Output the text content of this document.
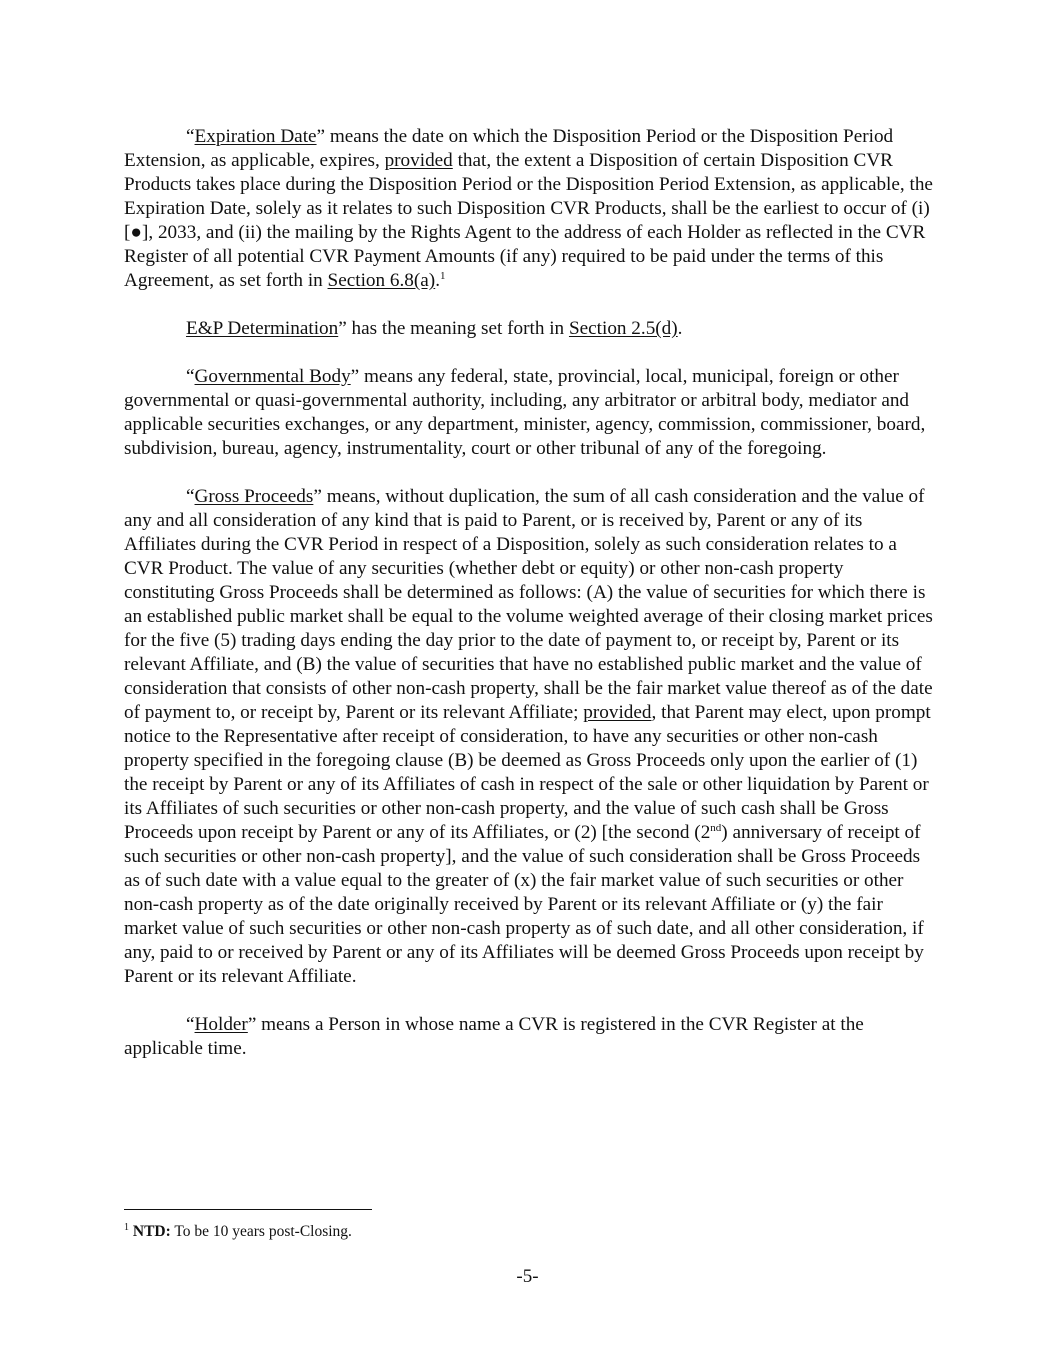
“Expiration Date” means the date on which the Disposition Period or the Disposition Period Extension, as applicable, expires, provided that, the extent a Disposition of certain Disposition CVR Products takes place during the Disposition Period or the Disposition Period Extension, as applicable, the Expiration Date, solely as it relates to such Disposition CVR Products, shall be the earliest to occur of (i) [●], 2033, and (ii) the mailing by the Rights Agent to the address of each Holder as reflected in the CVR Register of all potential CVR Payment Amounts (if any) required to be paid under the terms of this Agreement, as set forth in Section 6.8(a).$^1$

E&P Determination” has the meaning set forth in Section 2.5(d).

“Governmental Body” means any federal, state, provincial, local, municipal, foreign or other governmental or quasi-governmental authority, including, any arbitrator or arbitral body, mediator and applicable securities exchanges, or any department, minister, agency, commission, commissioner, board, subdivision, bureau, agency, instrumentality, court or other tribunal of any of the foregoing.

“Gross Proceeds” means, without duplication, the sum of all cash consideration and the value of any and all consideration of any kind that is paid to Parent, or is received by, Parent or any of its Affiliates during the CVR Period in respect of a Disposition, solely as such consideration relates to a CVR Product. The value of any securities (whether debt or equity) or other non-cash property constituting Gross Proceeds shall be determined as follows: (A) the value of securities for which there is an established public market shall be equal to the volume weighted average of their closing market prices for the five (5) trading days ending the day prior to the date of payment to, or receipt by, Parent or its relevant Affiliate, and (B) the value of securities that have no established public market and the value of consideration that consists of other non-cash property, shall be the fair market value thereof as of the date of payment to, or receipt by, Parent or its relevant Affiliate; provided, that Parent may elect, upon prompt notice to the Representative after receipt of consideration, to have any securities or other non-cash property specified in the foregoing clause (B) be deemed as Gross Proceeds only upon the earlier of (1) the receipt by Parent or any of its Affiliates of cash in respect of the sale or other liquidation by Parent or its Affiliates of such securities or other non-cash property, and the value of such cash shall be Gross Proceeds upon receipt by Parent or any of its Affiliates, or (2) [the second (2nd) anniversary of receipt of such securities or other non-cash property], and the value of such consideration shall be Gross Proceeds as of such date with a value equal to the greater of (x) the fair market value of such securities or other non-cash property as of the date originally received by Parent or its relevant Affiliate or (y) the fair market value of such securities or other non-cash property as of such date, and all other consideration, if any, paid to or received by Parent or any of its Affiliates will be deemed Gross Proceeds upon receipt by Parent or its relevant Affiliate.

“Holder” means a Person in whose name a CVR is registered in the CVR Register at the applicable time.

$^1$ NTD: To be 10 years post-Closing.
-5-
